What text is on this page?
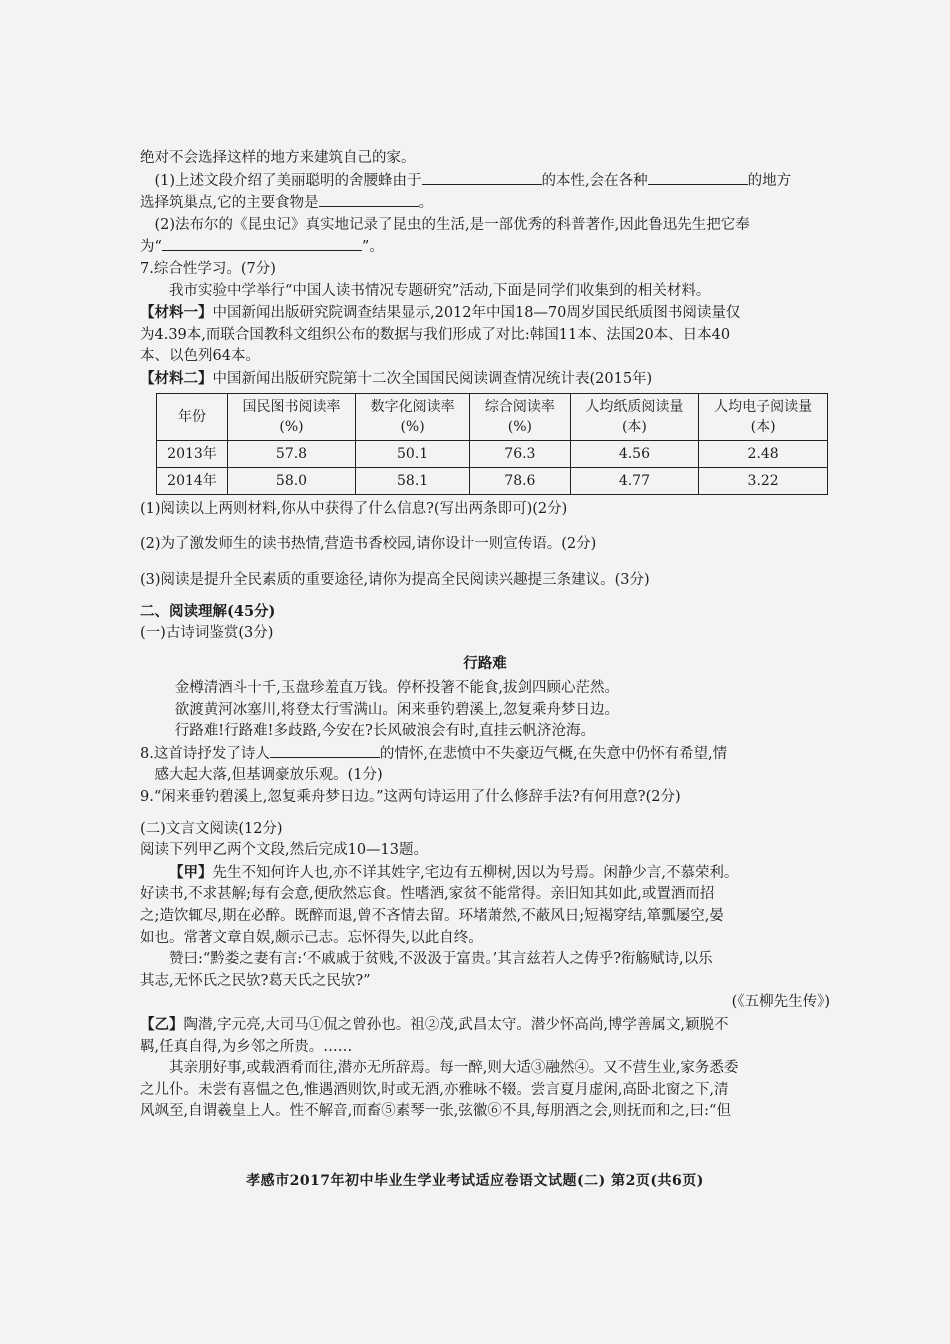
绝对不会选择这样的地方来建筑自己的家。
(1)上述文段介绍了美丽聪明的舍腰蜂由于	的本性,会在各种	的地方
选择筑巢点,它的主要食物是	。
(2)法布尔的《昆虫记》真实地记录了昆虫的生活,是一部优秀的科普著作,因此鲁迅先生把它奉
为“	”。
7.综合性学习。(7分)
我市实验中学举行“中国人读书情况专题研究”活动,下面是同学们收集到的相关材料。
【材料一】中国新闻出版研究院调查结果显示,2012年中国18—70周岁国民纸质图书阅读量仅
为4.39本,而联合国教科文组织公布的数据与我们形成了对比:韩国11本、法国20本、日本40
本、以色列64本。
【材料二】中国新闻出版研究院第十二次全国国民阅读调查情况统计表(2015年)
年份	国民图书阅读率(%)	数字化阅读率(%)	综合阅读率(%)	人均纸质阅读量(本)	人均电子阅读量(本)
2013年	57.8	50.1	76.3	4.56	2.48
2014年	58.0	58.1	78.6	4.77	3.22
(1)阅读以上两则材料,你从中获得了什么信息?(写出两条即可)(2分)
(2)为了激发师生的读书热情,营造书香校园,请你设计一则宣传语。(2分)
(3)阅读是提升全民素质的重要途径,请你为提高全民阅读兴趣提三条建议。(3分)
二、阅读理解(45分)
(一)古诗词鉴赏(3分)
行路难
金樽清酒斗十千,玉盘珍羞直万钱。停杯投箸不能食,拔剑四顾心茫然。
欲渡黄河冰塞川,将登太行雪满山。闲来垂钓碧溪上,忽复乘舟梦日边。
行路难!行路难!多歧路,今安在?长风破浪会有时,直挂云帆济沧海。
8.这首诗抒发了诗人	的情怀,在悲愤中不失豪迈气概,在失意中仍怀有希望,情
感大起大落,但基调豪放乐观。(1分)
9.“闲来垂钓碧溪上,忽复乘舟梦日边。”这两句诗运用了什么修辞手法?有何用意?(2分)
(二)文言文阅读(12分)
阅读下列甲乙两个文段,然后完成10—13题。
【甲】先生不知何许人也,亦不详其姓字,宅边有五柳树,因以为号焉。闲静少言,不慕荣利。
好读书,不求甚解;每有会意,便欣然忘食。性嗜酒,家贫不能常得。亲旧知其如此,或置酒而招
之;造饮辄尽,期在必醉。既醉而退,曾不吝情去留。环堵萧然,不蔽风日;短褐穿结,箪瓢屡空,晏
如也。常著文章自娱,颇示己志。忘怀得失,以此自终。
赞曰:“黔娄之妻有言:‘不戚戚于贫贱,不汲汲于富贵。’其言兹若人之俦乎?衔觞赋诗,以乐
其志,无怀氏之民欤?葛天氏之民欤?”
(《五柳先生传》)
【乙】陶潜,字元亮,大司马①侃之曾孙也。祖②茂,武昌太守。潜少怀高尚,博学善属文,颖脱不
羁,任真自得,为乡邻之所贵。……
其亲朋好事,或载酒肴而往,潜亦无所辞焉。每一醉,则大适③融然④。又不营生业,家务悉委
之儿仆。未尝有喜愠之色,惟遇酒则饮,时或无酒,亦雅咏不辍。尝言夏月虚闲,高卧北窗之下,清
风飒至,自谓羲皇上人。性不解音,而畜⑤素琴一张,弦徽⑥不具,每朋酒之会,则抚而和之,曰:“但
孝感市2017年初中毕业生学业考试适应卷语文试题(二) 第2页(共6页)
